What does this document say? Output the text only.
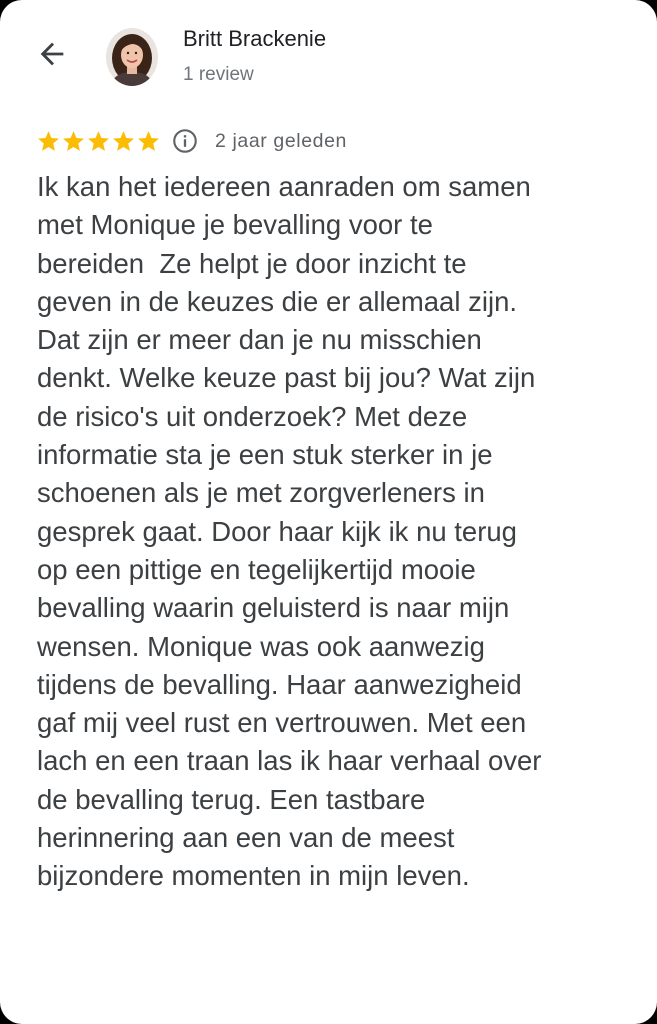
Britt Brackenie
1 review
2 jaar geleden

Ik kan het iedereen aanraden om samen
met Monique je bevalling voor te
bereiden  Ze helpt je door inzicht te
geven in de keuzes die er allemaal zijn.
Dat zijn er meer dan je nu misschien
denkt. Welke keuze past bij jou? Wat zijn
de risico's uit onderzoek? Met deze
informatie sta je een stuk sterker in je
schoenen als je met zorgverleners in
gesprek gaat. Door haar kijk ik nu terug
op een pittige en tegelijkertijd mooie
bevalling waarin geluisterd is naar mijn
wensen. Monique was ook aanwezig
tijdens de bevalling. Haar aanwezigheid
gaf mij veel rust en vertrouwen. Met een
lach en een traan las ik haar verhaal over
de bevalling terug. Een tastbare
herinnering aan een van de meest
bijzondere momenten in mijn leven.
